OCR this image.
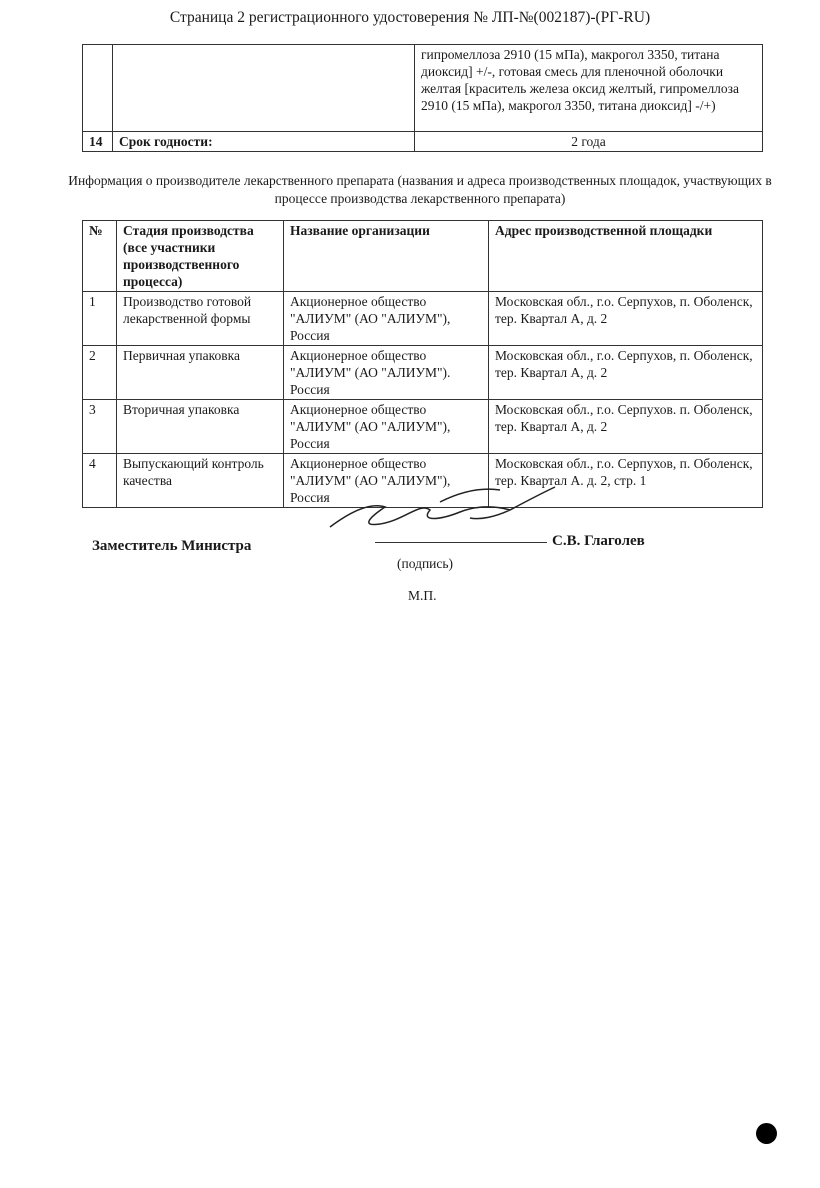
Страница 2 регистрационного удостоверения № ЛП-№(002187)-(РГ-RU)
		гипромеллоза 2910 (15 мПа), макрогол 3350, титана диоксид] +/-, готовая смесь для пленочной оболочки желтая [краситель железа оксид желтый, гипромеллоза 2910 (15 мПа), макрогол 3350, титана диоксид] -/+)
14	Срок годности:	2 года
Информация о производителе лекарственного препарата (названия и адреса производственных площадок, участвующих в процессе производства лекарственного препарата)
№	Стадия производства (все участники производственного процесса)	Название организации	Адрес производственной площадки
1	Производство готовой лекарственной формы	Акционерное общество "АЛИУМ" (АО "АЛИУМ"), Россия	Московская обл., г.о. Серпухов, п. Оболенск, тер. Квартал А, д. 2
2	Первичная упаковка	Акционерное общество "АЛИУМ" (АО "АЛИУМ"). Россия	Московская обл., г.о. Серпухов, п. Оболенск, тер. Квартал А, д. 2
3	Вторичная упаковка	Акционерное общество "АЛИУМ" (АО "АЛИУМ"), Россия	Московская обл., г.о. Серпухов. п. Оболенск, тер. Квартал А, д. 2
4	Выпускающий контроль качества	Акционерное общество "АЛИУМ" (АО "АЛИУМ"), Россия	Московская обл., г.о. Серпухов, п. Оболенск, тер. Квартал А. д. 2, стр. 1
Заместитель Министра	С.В. Глаголев
(подпись)
М.П.
